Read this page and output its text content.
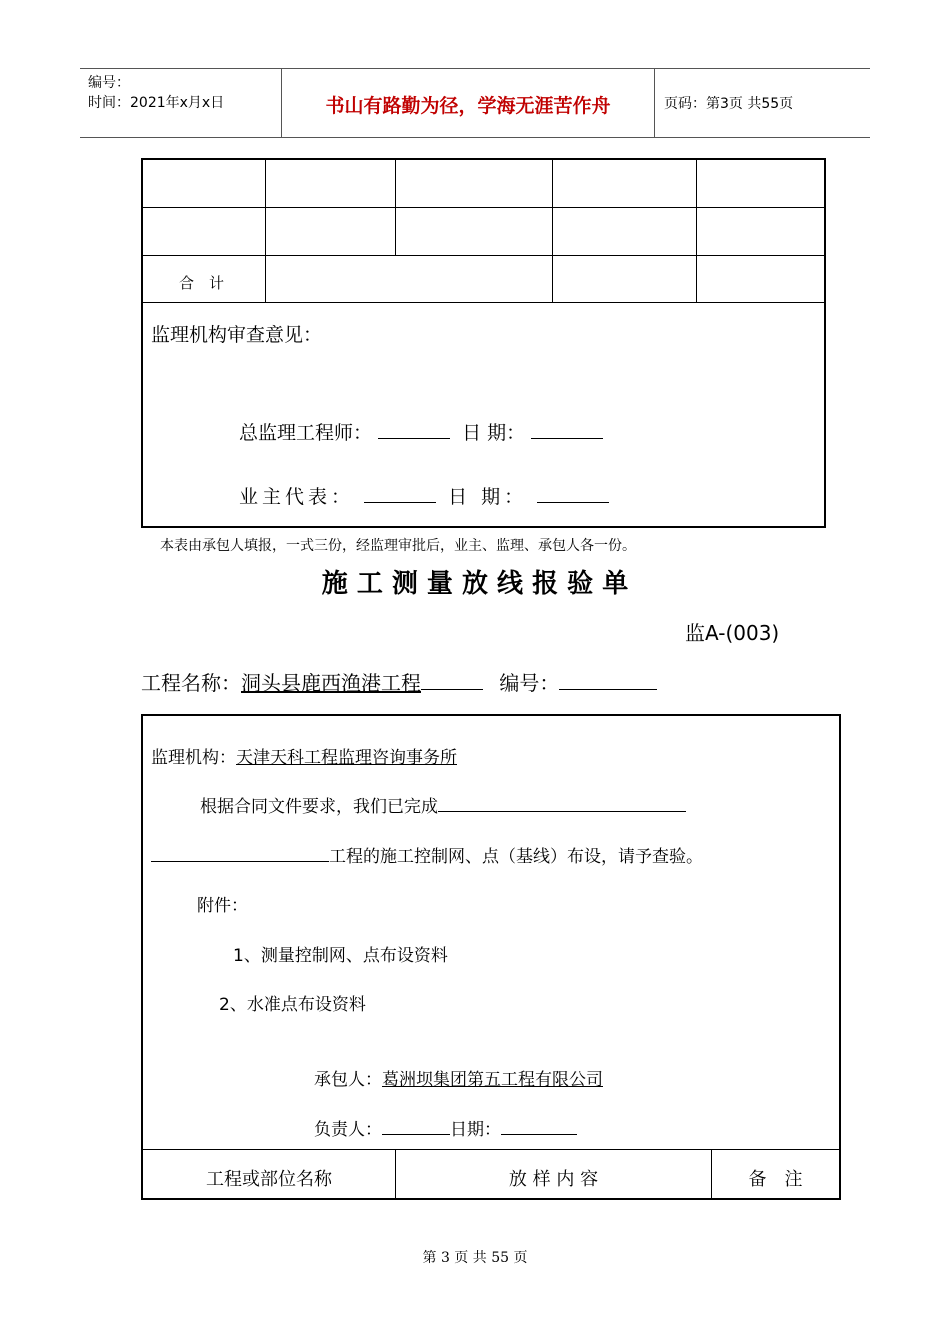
编号：
时间：2021年x月x日	书山有路勤为径，学海无涯苦作舟	页码：第3页 共55页
合　计
监理机构审查意见：
总监理工程师：	日 期：
业主代表：	日 期：
本表由承包人填报，一式三份，经监理审批后，业主、监理、承包人各一份。
施 工 测 量 放 线 报 验 单
监A-(003)
工程名称：洞头县鹿西渔港工程	编号：
监理机构：天津天科工程监理咨询事务所
根据合同文件要求，我们已完成
工程的施工控制网、点（基线）布设，请予查验。
附件：
1、测量控制网、点布设资料
2、水准点布设资料
承包人：葛洲坝集团第五工程有限公司
负责人：	日期：
工程或部位名称	放 样 内 容	备　注
第 3 页 共 55 页
